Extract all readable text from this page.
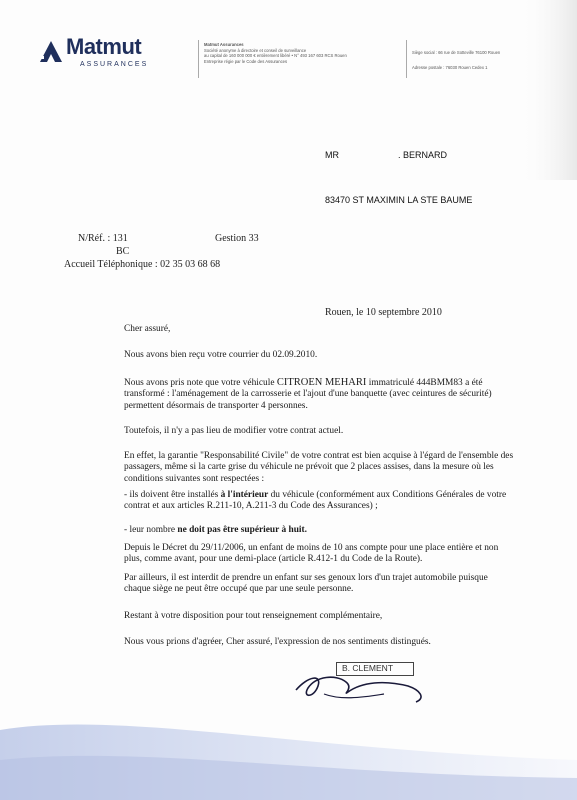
Matmut
ASSURANCES
Matmut Assurances
Société anonyme à directoire et conseil de surveillance
au capital de 160 000 000 € entièrement libéré • N° 493 167 603 RCS Rouen
Entreprise régie par le Code des Assurances
Siège social : 66 rue de Sotteville 76100 Rouen
Adresse postale : 76030 Rouen Cedex 1
MR	. BERNARD
83470 ST MAXIMIN LA STE BAUME
N/Réf. : 131	Gestion 33
BC
Accueil Téléphonique : 02 35 03 68 68
Rouen, le 10 septembre 2010
Cher assuré,
Nous avons bien reçu votre courrier du 02.09.2010.
Nous avons pris note que votre véhicule CITROEN MEHARI immatriculé 444BMM83 a été transformé : l'aménagement de la carrosserie et l'ajout d'une banquette (avec ceintures de sécurité) permettent désormais de transporter 4 personnes.
Toutefois, il n'y a pas lieu de modifier votre contrat actuel.
En effet, la garantie "Responsabilité Civile" de votre contrat est bien acquise à l'égard de l'ensemble des passagers, même si la carte grise du véhicule ne prévoit que 2 places assises, dans la mesure où les conditions suivantes sont respectées :
- ils doivent être installés à l'intérieur du véhicule (conformément aux Conditions Générales de votre contrat et aux articles R.211-10, A.211-3 du Code des Assurances) ;
- leur nombre ne doit pas être supérieur à huit.
Depuis le Décret du 29/11/2006, un enfant de moins de 10 ans compte pour une place entière et non plus, comme avant, pour une demi-place (article R.412-1 du Code de la Route).
Par ailleurs, il est interdit de prendre un enfant sur ses genoux lors d'un trajet automobile puisque chaque siège ne peut être occupé que par une seule personne.
Restant à votre disposition pour tout renseignement complémentaire,
Nous vous prions d'agréer, Cher assuré, l'expression de nos sentiments distingués.
B. CLEMENT
